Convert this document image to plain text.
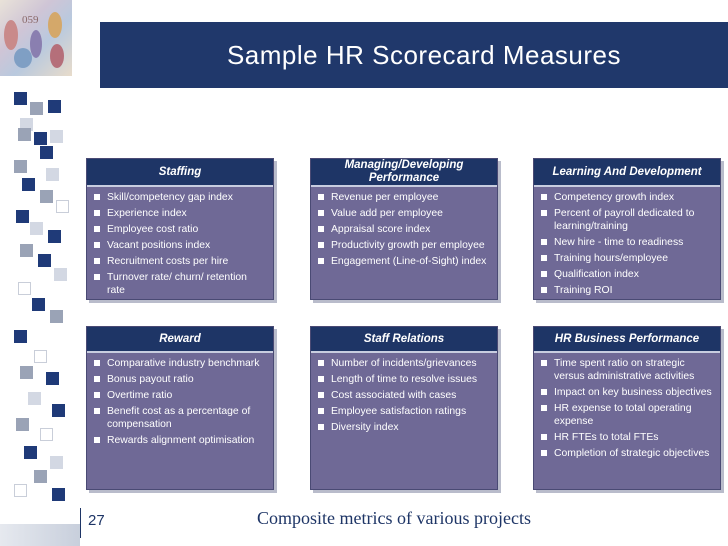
059
Sample HR Scorecard Measures
Staffing
Skill/competency gap index
Experience index
Employee cost ratio
Vacant positions index
Recruitment costs per hire
Turnover rate/ churn/ retention rate
Managing/Developing Performance
Revenue per employee
Value add per employee
Appraisal score index
Productivity growth per employee
Engagement (Line-of-Sight) index
Learning And Development
Competency growth index
Percent of payroll dedicated to learning/training
New hire - time to readiness
Training hours/employee
Qualification index
Training ROI
Reward
Comparative industry benchmark
Bonus payout ratio
Overtime ratio
Benefit cost as a percentage of compensation
Rewards alignment optimisation
Staff Relations
Number of incidents/grievances
Length of time to resolve issues
Cost associated with cases
Employee satisfaction ratings
Diversity index
HR Business Performance
Time spent ratio on strategic versus administrative activities
Impact on key business objectives
HR expense to total operating expense
HR FTEs to total FTEs
Completion of strategic objectives
27	Composite metrics of various projects
